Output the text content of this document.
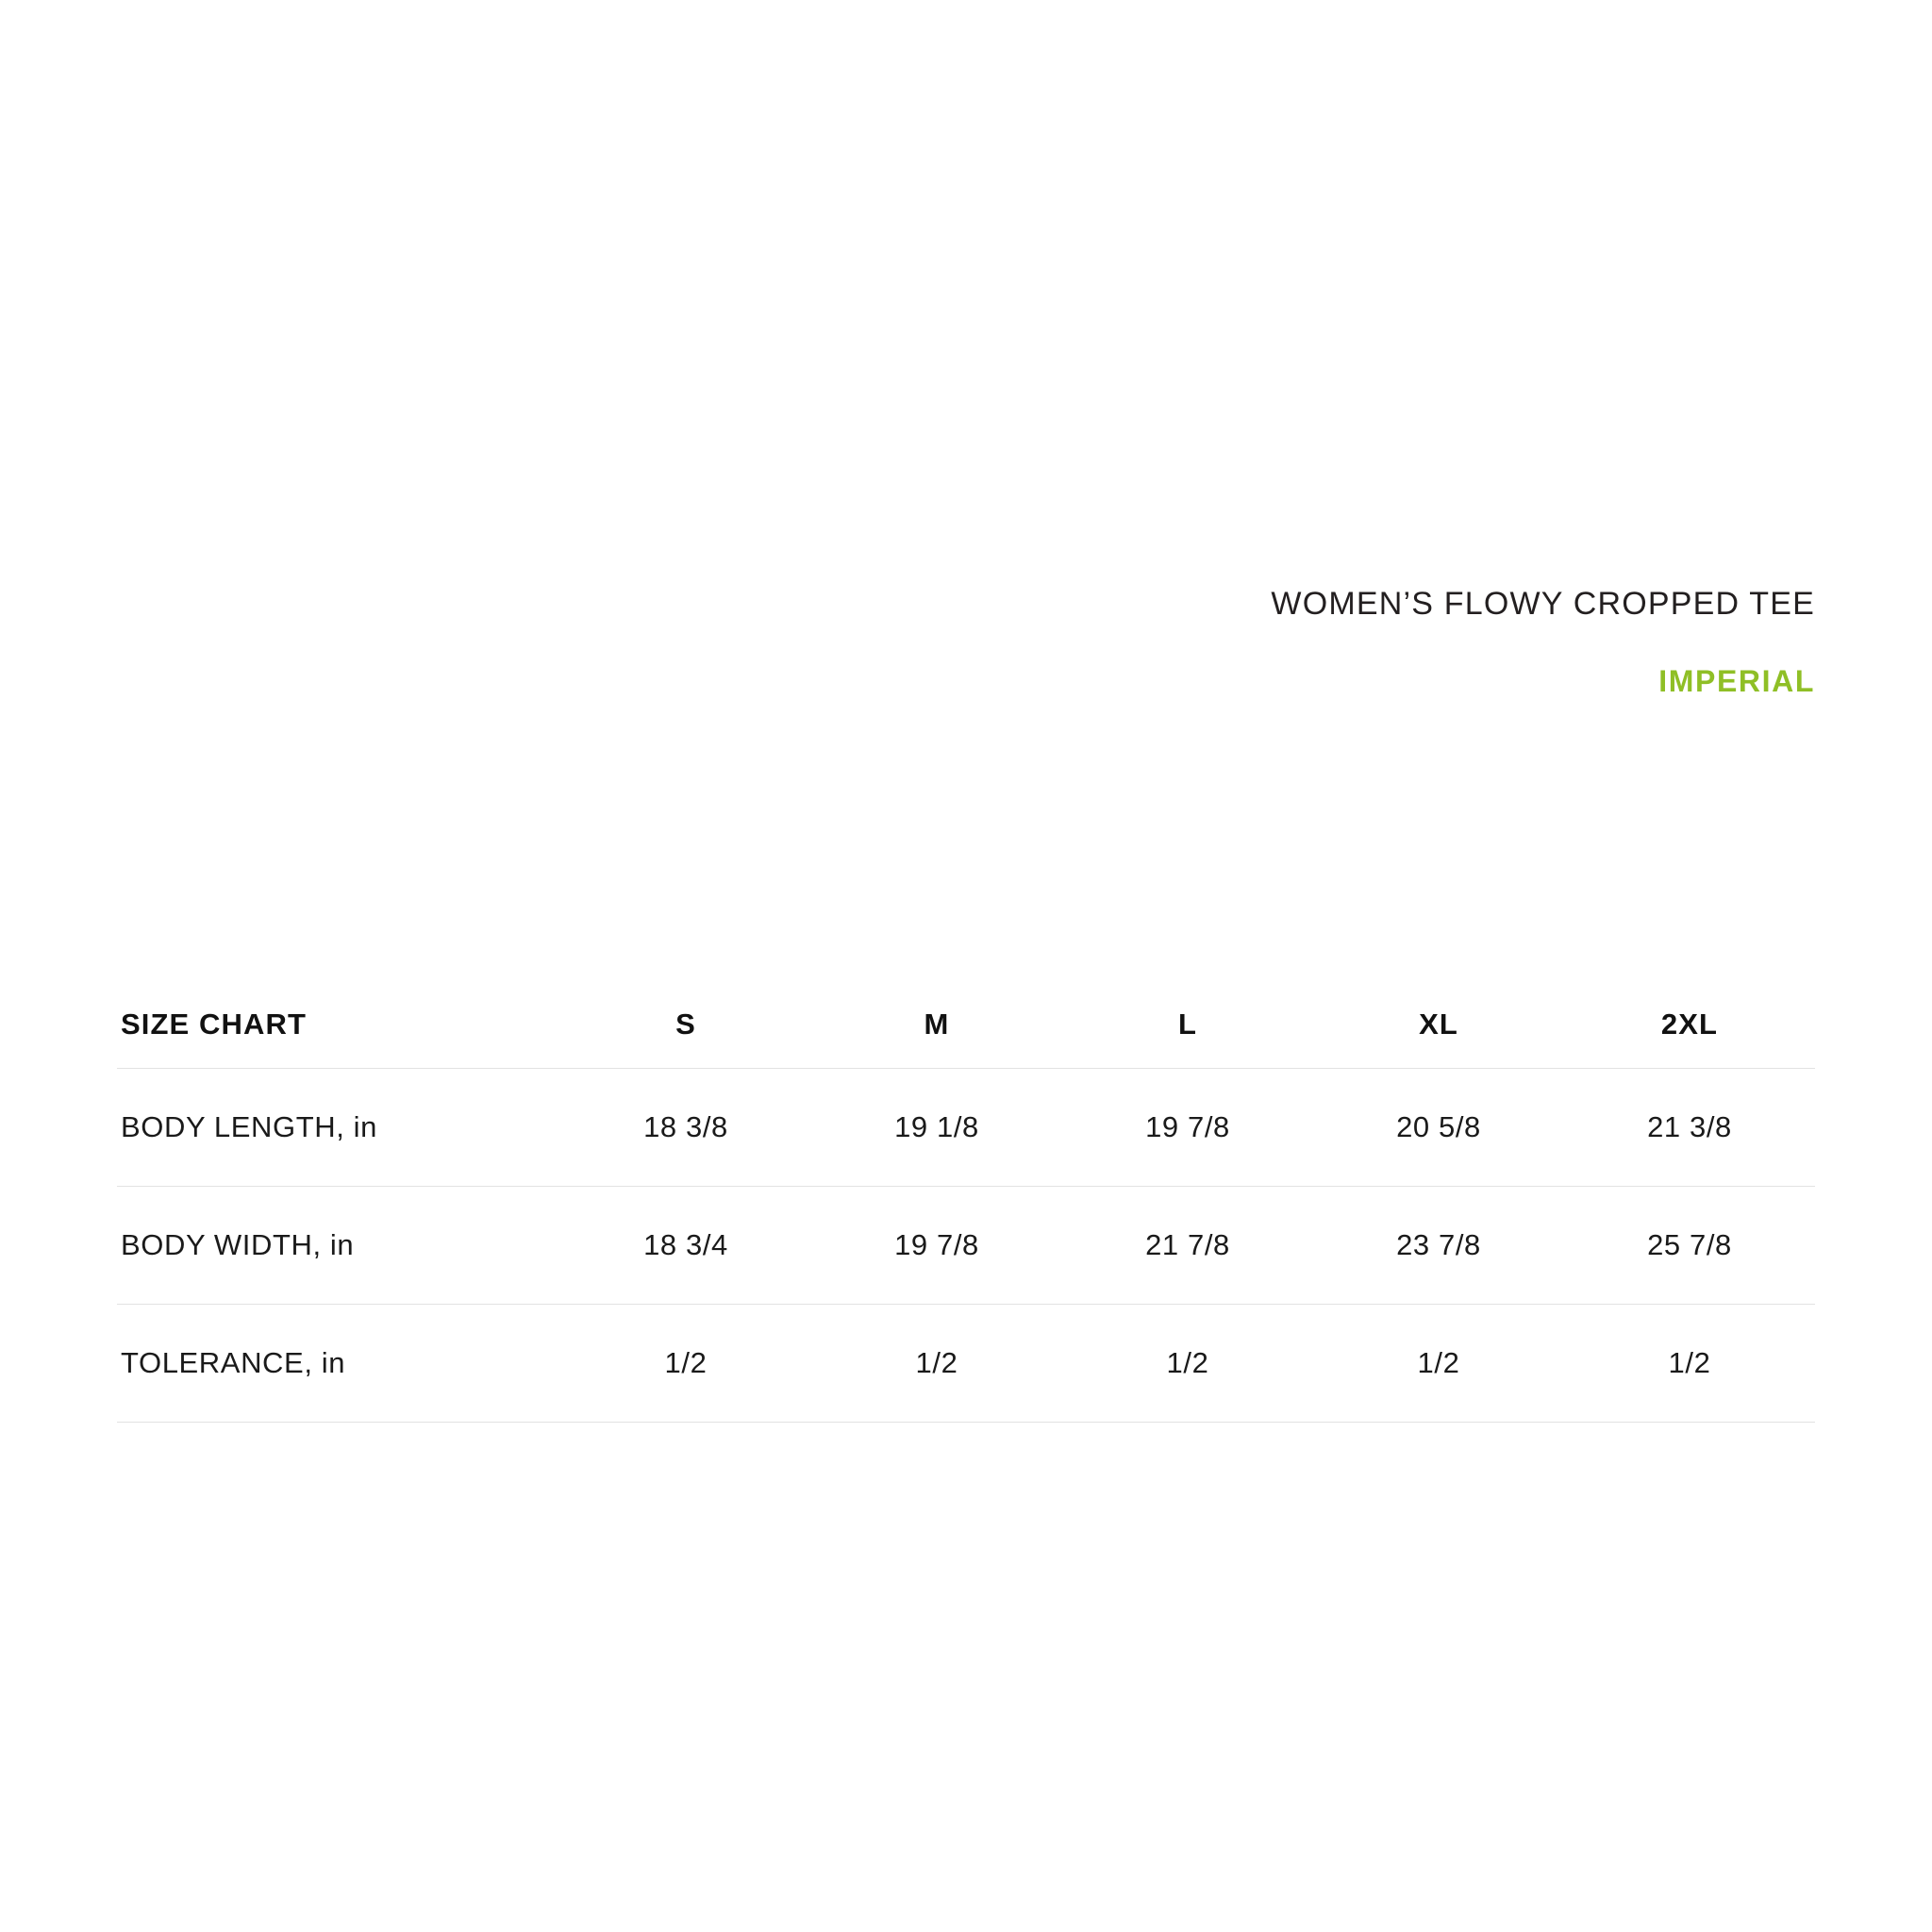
WOMEN’S FLOWY CROPPED TEE
IMPERIAL
SIZE CHART	S	M	L	XL	2XL
BODY LENGTH, in	18 3/8	19 1/8	19 7/8	20 5/8	21 3/8
BODY WIDTH, in	18 3/4	19 7/8	21 7/8	23 7/8	25 7/8
TOLERANCE, in	1/2	1/2	1/2	1/2	1/2
